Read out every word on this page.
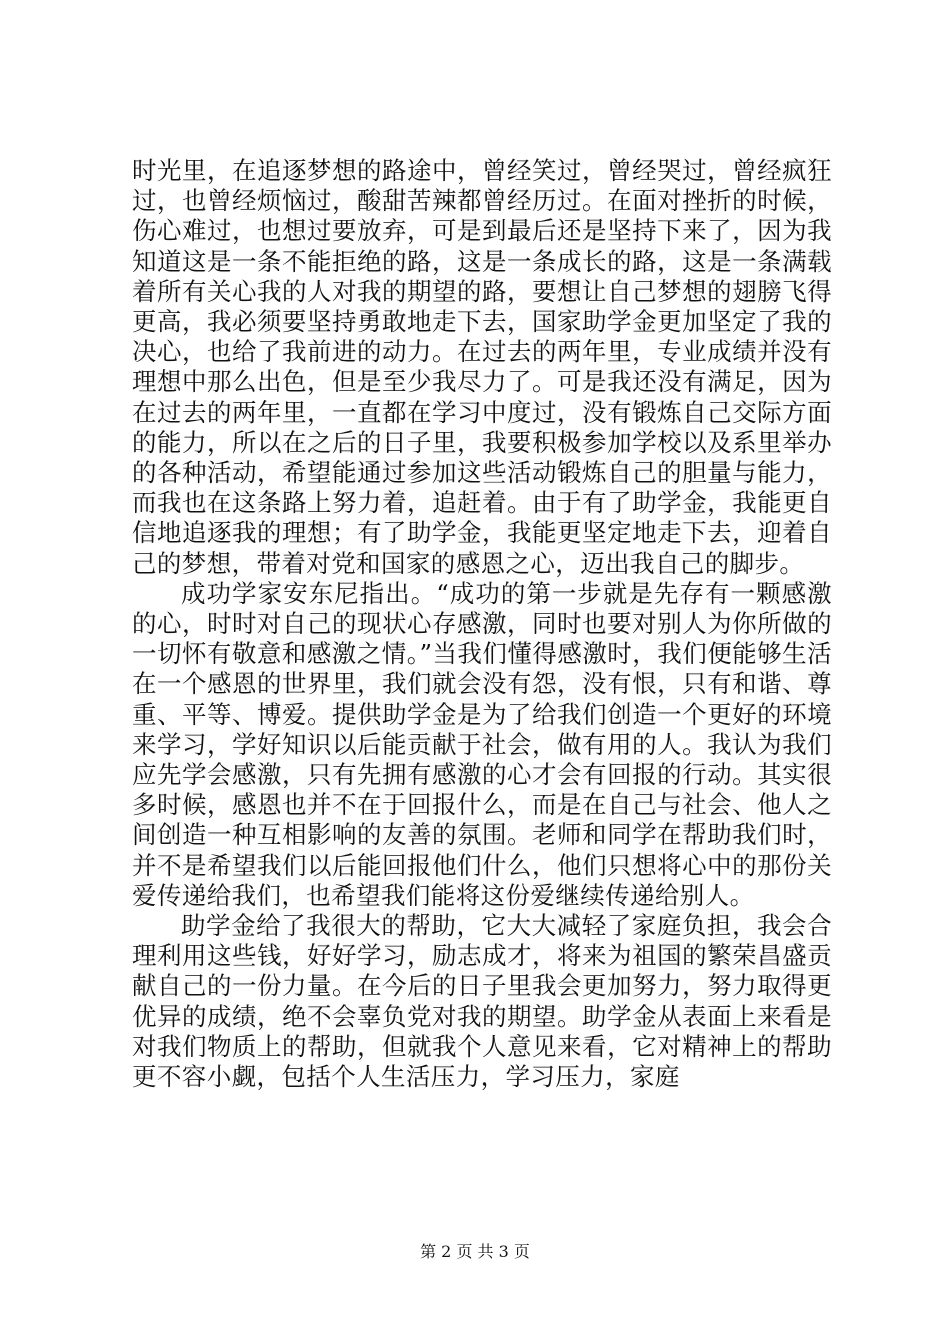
时光里，在追逐梦想的路途中，曾经笑过，曾经哭过，曾经疯狂过，也曾经烦恼过，酸甜苦辣都曾经历过。在面对挫折的时候，伤心难过，也想过要放弃，可是到最后还是坚持下来了，因为我知道这是一条不能拒绝的路，这是一条成长的路，这是一条满载着所有关心我的人对我的期望的路，要想让自己梦想的翅膀飞得更高，我必须要坚持勇敢地走下去，国家助学金更加坚定了我的决心，也给了我前进的动力。在过去的两年里，专业成绩并没有理想中那么出色，但是至少我尽力了。可是我还没有满足，因为在过去的两年里，一直都在学习中度过，没有锻炼自己交际方面的能力，所以在之后的日子里，我要积极参加学校以及系里举办的各种活动，希望能通过参加这些活动锻炼自己的胆量与能力，而我也在这条路上努力着，追赶着。由于有了助学金，我能更自信地追逐我的理想；有了助学金，我能更坚定地走下去，迎着自己的梦想，带着对党和国家的感恩之心，迈出我自己的脚步。

成功学家安东尼指出。“成功的第一步就是先存有一颗感激的心，时时对自己的现状心存感激，同时也要对别人为你所做的一切怀有敬意和感激之情。”当我们懂得感激时，我们便能够生活在一个感恩的世界里，我们就会没有怨，没有恨，只有和谐、尊重、平等、博爱。提供助学金是为了给我们创造一个更好的环境来学习，学好知识以后能贡献于社会，做有用的人。我认为我们应先学会感激，只有先拥有感激的心才会有回报的行动。其实很多时候，感恩也并不在于回报什么，而是在自己与社会、他人之间创造一种互相影响的友善的氛围。老师和同学在帮助我们时，并不是希望我们以后能回报他们什么，他们只想将心中的那份关爱传递给我们，也希望我们能将这份爱继续传递给别人。

助学金给了我很大的帮助，它大大减轻了家庭负担，我会合理利用这些钱，好好学习，励志成才，将来为祖国的繁荣昌盛贡献自己的一份力量。在今后的日子里我会更加努力，努力取得更优异的成绩，绝不会辜负党对我的期望。助学金从表面上来看是对我们物质上的帮助，但就我个人意见来看，它对精神上的帮助更不容小觑，包括个人生活压力，学习压力，家庭

第 2 页 共 3 页
